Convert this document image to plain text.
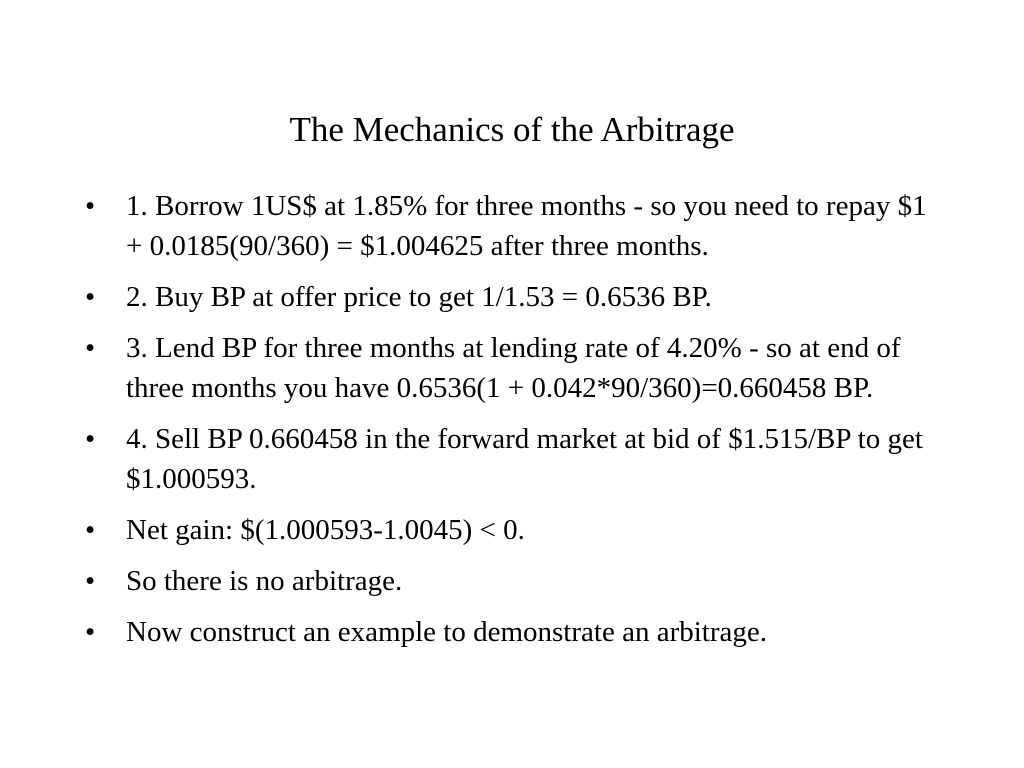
The Mechanics of the Arbitrage
•	1. Borrow 1US$ at 1.85% for three months - so you need to repay $1 + 0.0185(90/360) = $1.004625 after three months.
•	2. Buy BP at offer price to get 1/1.53 = 0.6536 BP.
•	3. Lend BP for three months at lending rate of 4.20% - so at end of three months you have 0.6536(1 + 0.042*90/360)=0.660458 BP.
•	4. Sell BP 0.660458 in the forward market at bid of $1.515/BP to get $1.000593.
•	Net gain: $(1.000593-1.0045) < 0.
•	So there is no arbitrage.
•	Now construct an example to demonstrate an arbitrage.
